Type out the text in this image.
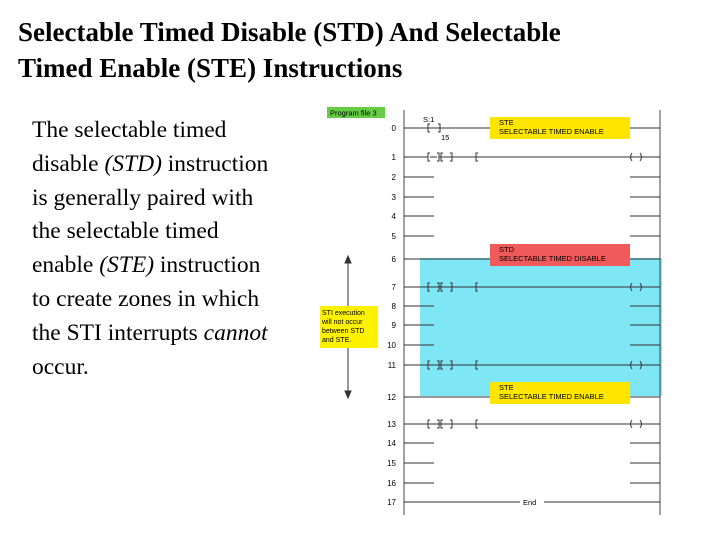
Selectable Timed Disable (STD) And Selectable
Timed Enable (STE) Instructions
The selectable timed disable (STD) instruction is generally paired with the selectable timed enable (STE) instruction to create zones in which the STI interrupts cannot occur.
Program file 3
0
1
2
3
4
5
6
7
8
9
10
11
12
13
14
15
16
17
S:1
15
STE
SELECTABLE TIMED ENABLE
STD
SELECTABLE TIMED DISABLE
STE
SELECTABLE TIMED ENABLE
End
STI execution
will not occur
between STD
and STE.
